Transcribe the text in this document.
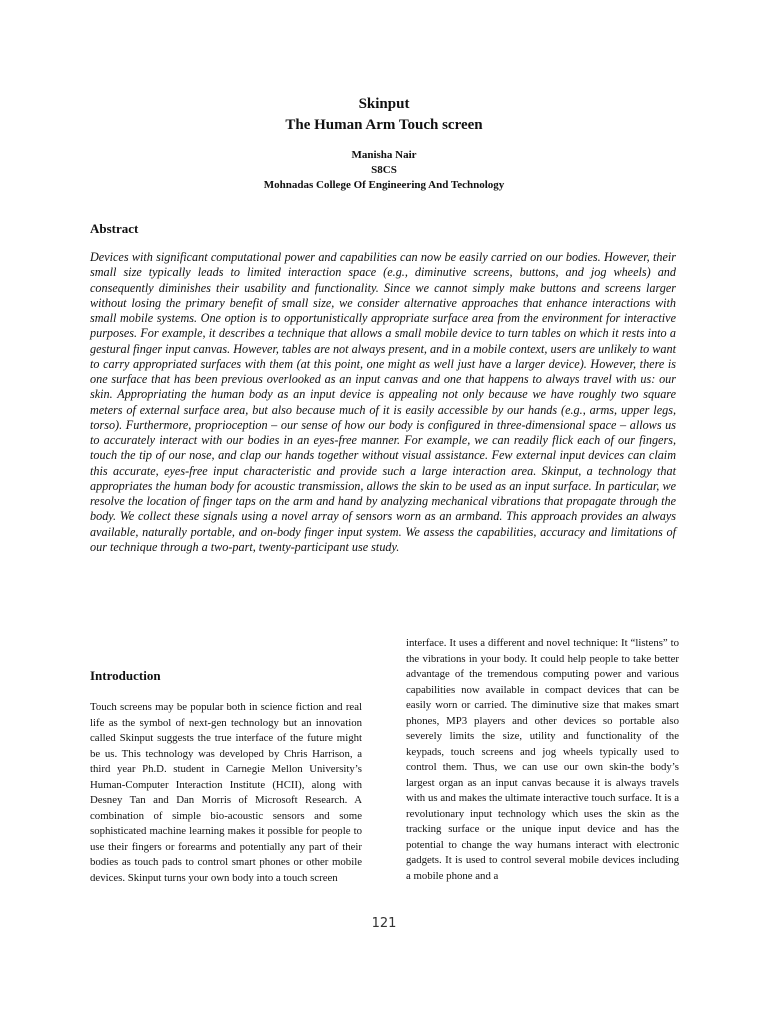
Skinput
The Human Arm Touch screen
Manisha Nair
S8CS
Mohnadas College Of Engineering And Technology
Abstract

Devices with significant computational power and capabilities can now be easily carried on our bodies. However, their small size typically leads to limited interaction space (e.g., diminutive screens, buttons, and jog wheels) and consequently diminishes their usability and functionality. Since we cannot simply make buttons and screens larger without losing the primary benefit of small size, we consider alternative approaches that enhance interactions with small mobile systems. One option is to opportunistically appropriate surface area from the environment for interactive purposes. For example, it describes a technique that allows a small mobile device to turn tables on which it rests into a gestural finger input canvas. However, tables are not always present, and in a mobile context, users are unlikely to want to carry appropriated surfaces with them (at this point, one might as well just have a larger device). However, there is one surface that has been previous overlooked as an input canvas and one that happens to always travel with us: our skin. Appropriating the human body as an input device is appealing not only because we have roughly two square meters of external surface area, but also because much of it is easily accessible by our hands (e.g., arms, upper legs, torso). Furthermore, proprioception – our sense of how our body is configured in three-dimensional space – allows us to accurately interact with our bodies in an eyes-free manner. For example, we can readily flick each of our fingers, touch the tip of our nose, and clap our hands together without visual assistance. Few external input devices can claim this accurate, eyes-free input characteristic and provide such a large interaction area. Skinput, a technology that appropriates the human body for acoustic transmission, allows the skin to be used as an input surface. In particular, we resolve the location of finger taps on the arm and hand by analyzing mechanical vibrations that propagate through the body. We collect these signals using a novel array of sensors worn as an armband. This approach provides an always available, naturally portable, and on-body finger input system. We assess the capabilities, accuracy and limitations of our technique through a two-part, twenty-participant use study.

Introduction

Touch screens may be popular both in science fiction and real life as the symbol of next-gen technology but an innovation called Skinput suggests the true interface of the future might be us. This technology was developed by Chris Harrison, a third year Ph.D. student in Carnegie Mellon University’s Human-Computer Interaction Institute (HCII), along with Desney Tan and Dan Morris of Microsoft Research. A combination of simple bio-acoustic sensors and some sophisticated machine learning makes it possible for people to use their fingers or forearms and potentially any part of their bodies as touch pads to control smart phones or other mobile devices. Skinput turns your own body into a touch screen

interface. It uses a different and novel technique: It “listens” to the vibrations in your body. It could help people to take better advantage of the tremendous computing power and various capabilities now available in compact devices that can be easily worn or carried. The diminutive size that makes smart phones, MP3 players and other devices so portable also severely limits the size, utility and functionality of the keypads, touch screens and jog wheels typically used to control them. Thus, we can use our own skin-the body’s largest organ as an input canvas because it is always travels with us and makes the ultimate interactive touch surface. It is a revolutionary input technology which uses the skin as the tracking surface or the unique input device and has the potential to change the way humans interact with electronic gadgets. It is used to control several mobile devices including a mobile phone and a

121
